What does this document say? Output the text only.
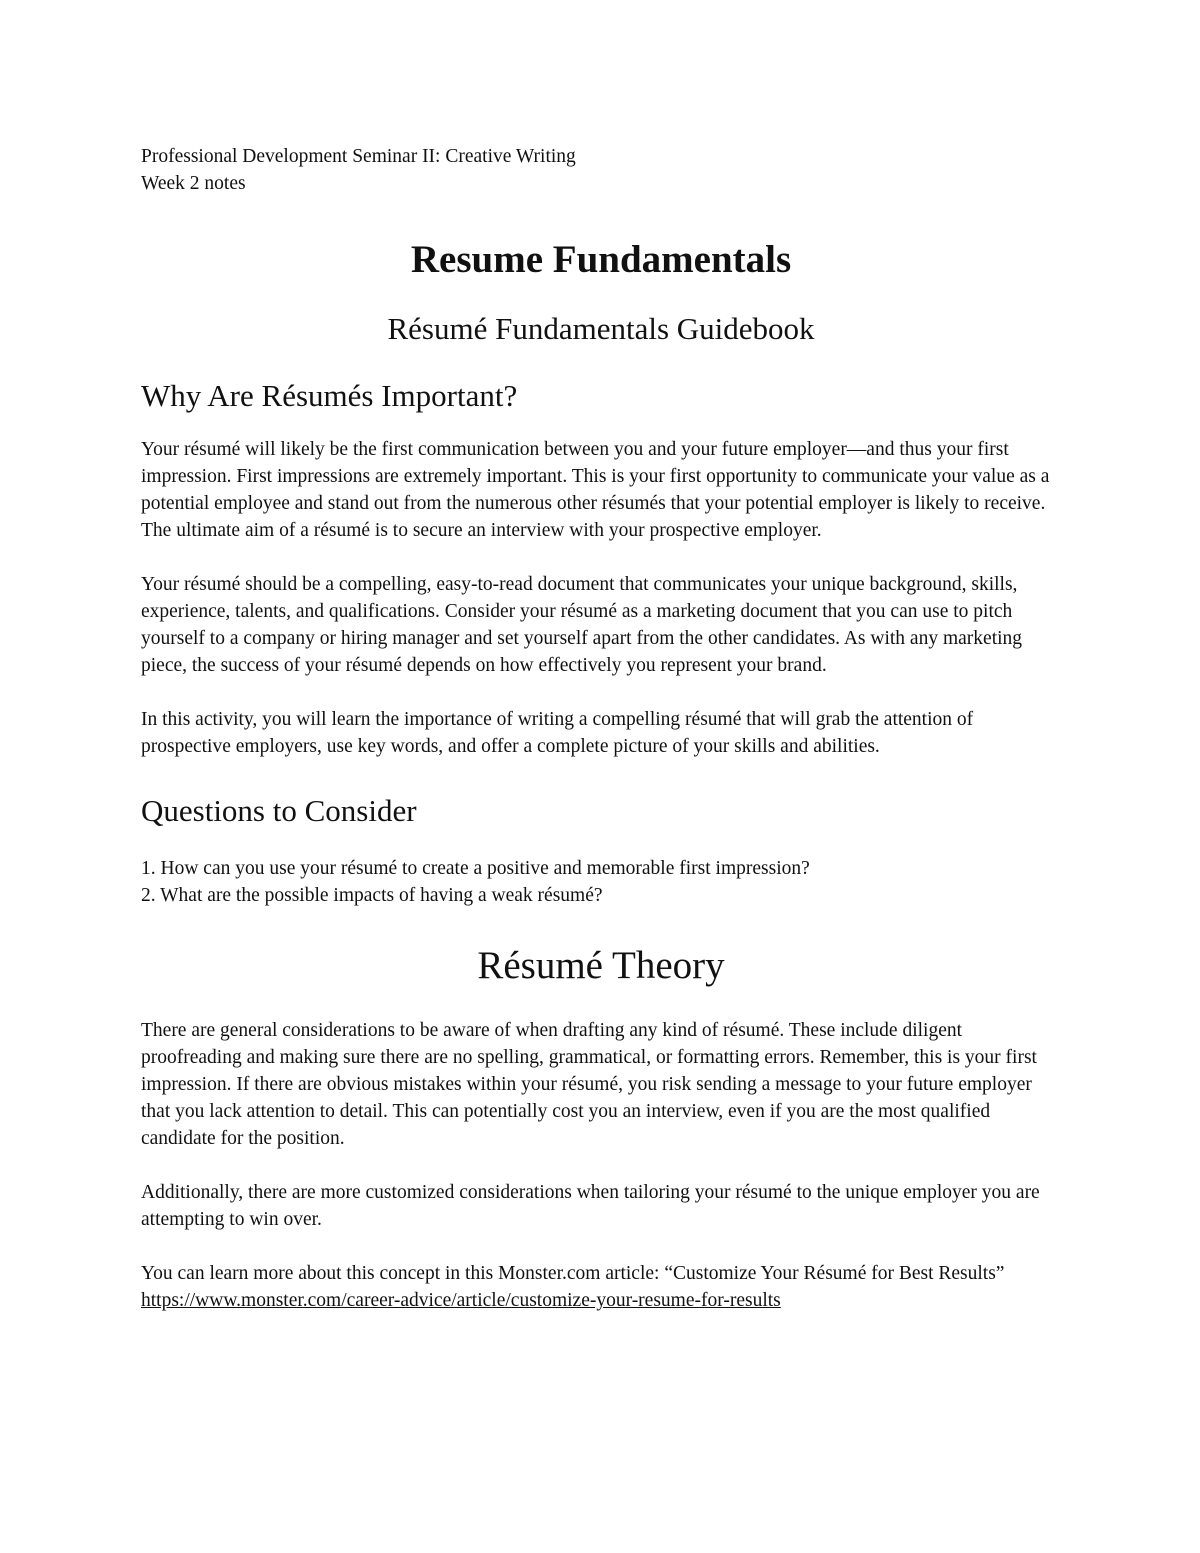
Professional Development Seminar II: Creative Writing

Week 2 notes

Resume Fundamentals
Résumé Fundamentals Guidebook
Why Are Résumés Important?

Your résumé will likely be the first communication between you and your future employer—and thus your first impression. First impressions are extremely important. This is your first opportunity to communicate your value as a potential employee and stand out from the numerous other résumés that your potential employer is likely to receive. The ultimate aim of a résumé is to secure an interview with your prospective employer.

Your résumé should be a compelling, easy-to-read document that communicates your unique background, skills, experience, talents, and qualifications. Consider your résumé as a marketing document that you can use to pitch yourself to a company or hiring manager and set yourself apart from the other candidates. As with any marketing piece, the success of your résumé depends on how effectively you represent your brand.

In this activity, you will learn the importance of writing a compelling résumé that will grab the attention of prospective employers, use key words, and offer a complete picture of your skills and abilities.

Questions to Consider
1. How can you use your résumé to create a positive and memorable first impression?
2. What are the possible impacts of having a weak résumé?
Résumé Theory

There are general considerations to be aware of when drafting any kind of résumé. These include diligent proofreading and making sure there are no spelling, grammatical, or formatting errors. Remember, this is your first impression. If there are obvious mistakes within your résumé, you risk sending a message to your future employer that you lack attention to detail. This can potentially cost you an interview, even if you are the most qualified candidate for the position.

Additionally, there are more customized considerations when tailoring your résumé to the unique employer you are attempting to win over.

You can learn more about this concept in this Monster.com article: “Customize Your Résumé for Best Results” https://www.monster.com/career-advice/article/customize-your-resume-for-results
